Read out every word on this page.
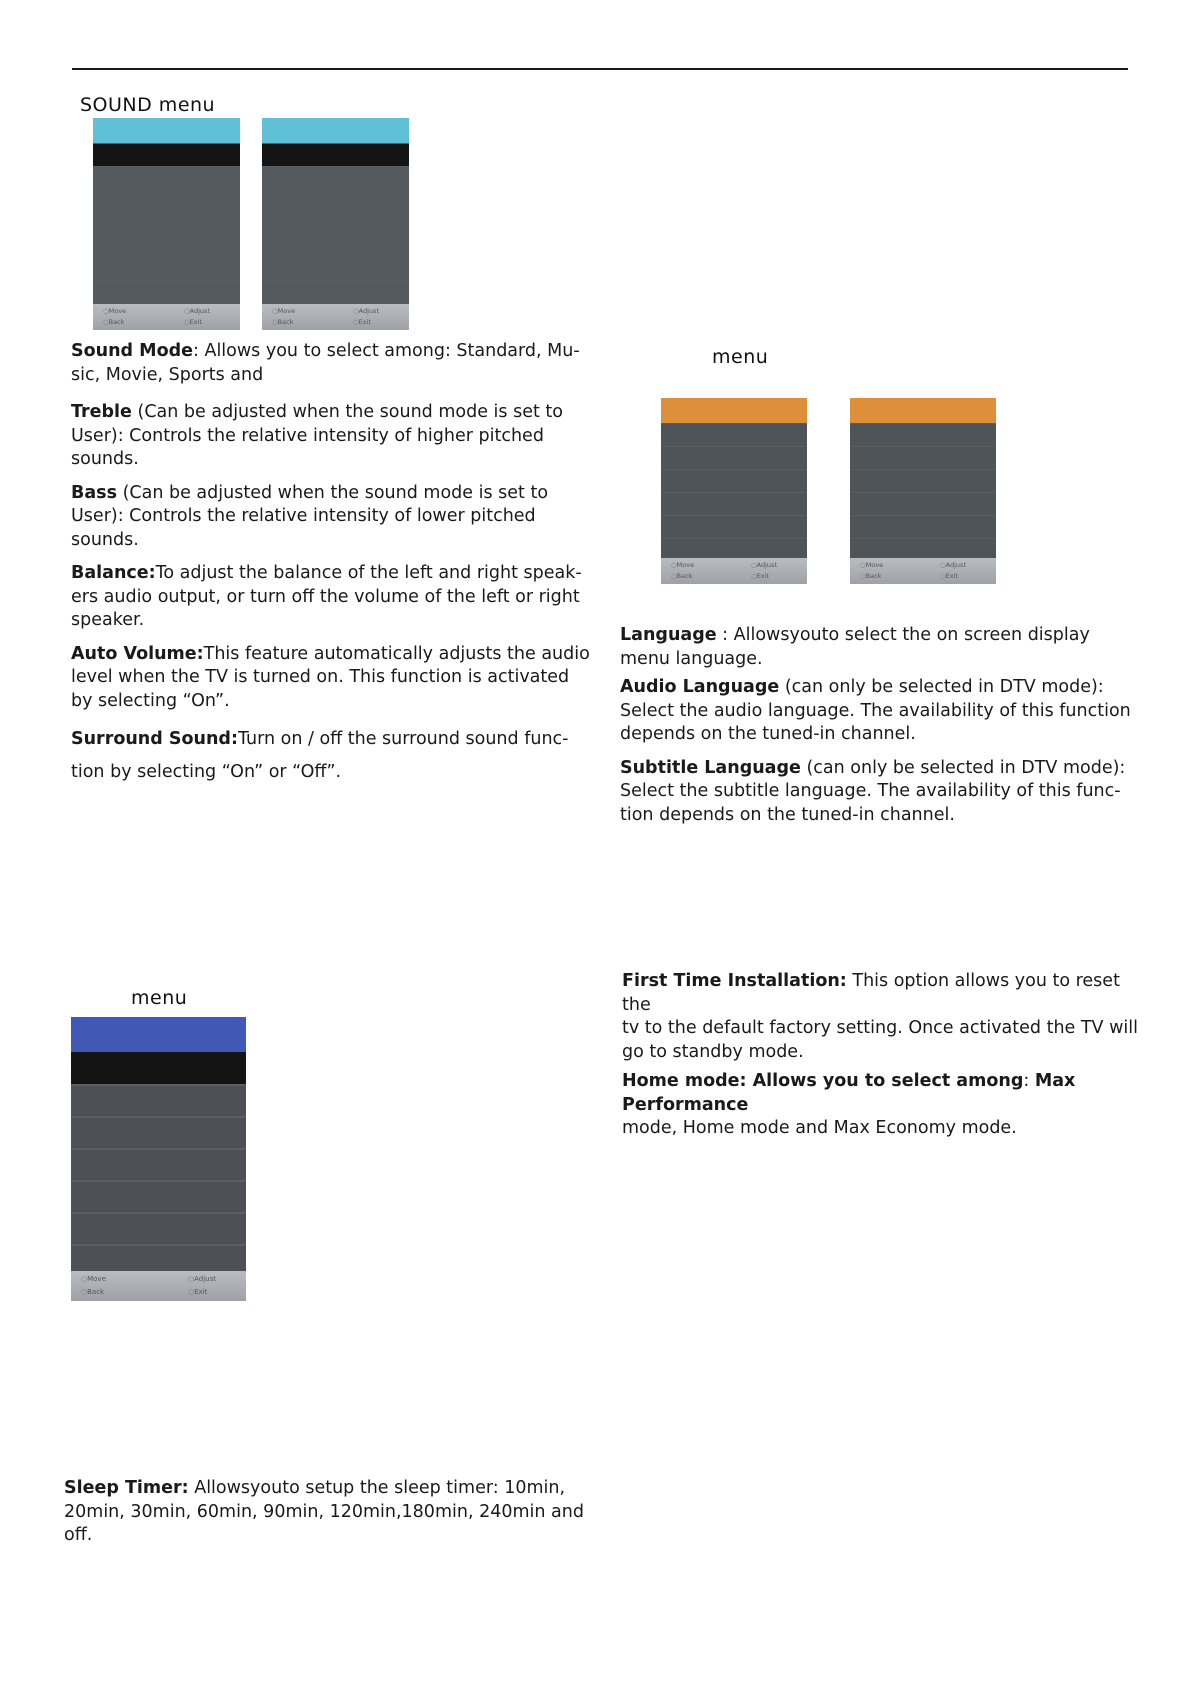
SOUND menu
○ Move
○ Back
○ Adjust
○ Exit
○ Move
○ Back
○ Adjust
○ Exit

Sound Mode: Allows you to select among: Standard, Mu-
sic, Movie, Sports and

Treble (Can be adjusted when the sound mode is set to
User): Controls the relative intensity of higher pitched
sounds.

Bass (Can be adjusted when the sound mode is set to
User): Controls the relative intensity of lower pitched
sounds.

Balance:To adjust the balance of the left and right speak-
ers audio output, or turn off the volume of the left or right
speaker.

Auto Volume:This feature automatically adjusts the audio
level when the TV is turned on. This function is activated
by selecting “On”.

Surround Sound:Turn on / off the surround sound func-
tion by selecting “On” or “Off”.

menu
○ Move
○ Back
○ Adjust
○ Exit
○ Move
○ Back
○ Adjust
○ Exit

Language : Allowsyouto select the on screen display
menu language.

Audio Language (can only be selected in DTV mode):
Select the audio language. The availability of this function
depends on the tuned-in channel.

Subtitle Language (can only be selected in DTV mode):
Select the subtitle language. The availability of this func-
tion depends on the tuned-in channel.

First Time Installation: This option allows you to reset the
tv to the default factory setting. Once activated the TV will
go to standby mode.

Home mode: Allows you to select among: Max Performance
mode, Home mode and Max Economy mode.

menu
○ Move
○ Back
○ Adjust
○ Exit

Sleep Timer: Allowsyouto setup the sleep timer: 10min,
20min, 30min, 60min, 90min, 120min,180min, 240min and
off.
